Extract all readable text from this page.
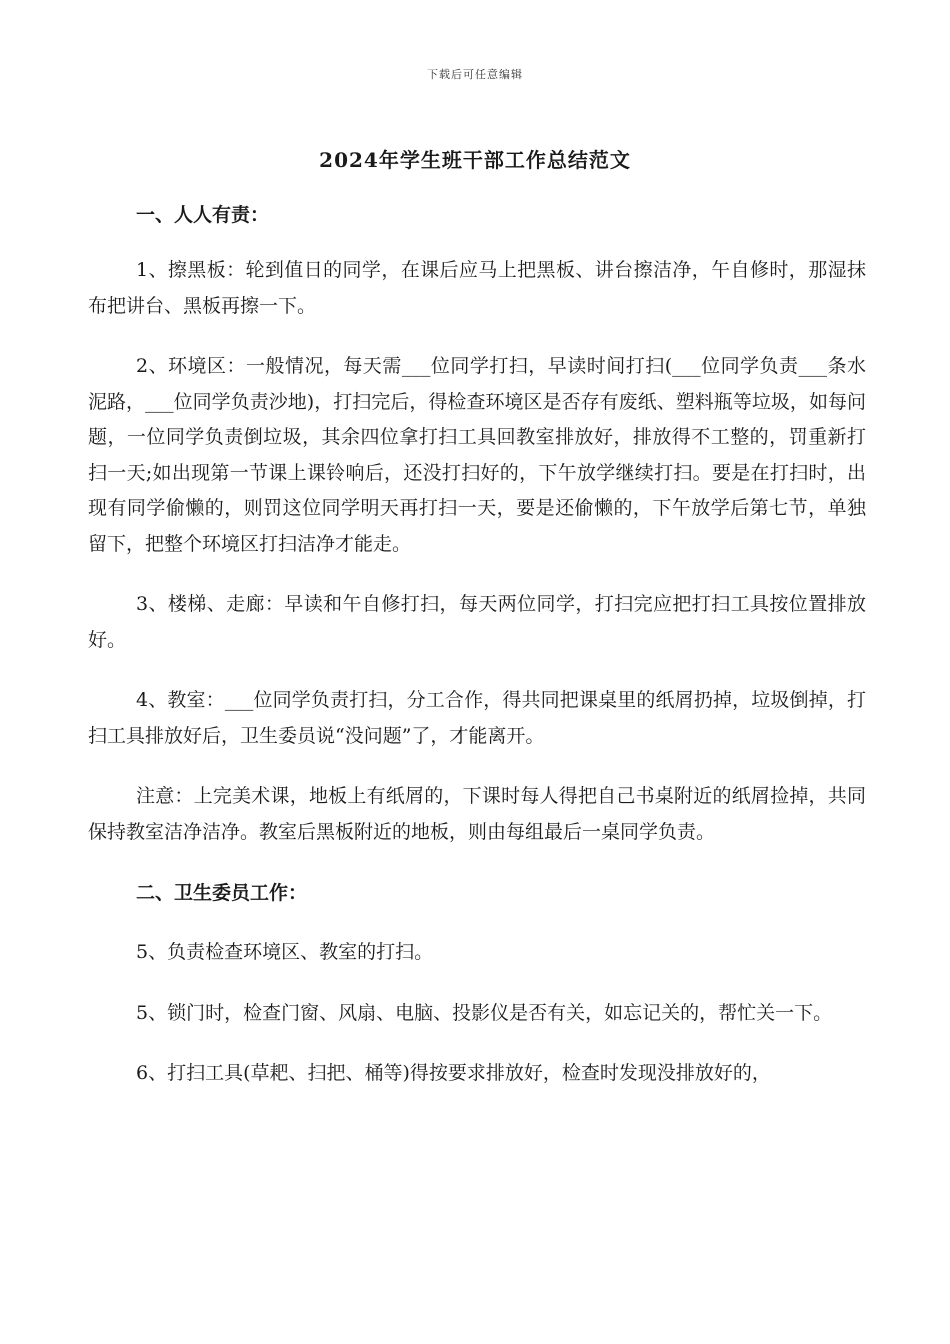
下载后可任意编辑
2024年学生班干部工作总结范文

一、人人有责：

1、擦黑板：轮到值日的同学，在课后应马上把黑板、讲台擦洁净，午自修时，那湿抹布把讲台、黑板再擦一下。

2、环境区：一般情况，每天需___位同学打扫，早读时间打扫(___位同学负责___条水泥路，___位同学负责沙地)，打扫完后，得检查环境区是否存有废纸、塑料瓶等垃圾，如每问题，一位同学负责倒垃圾，其余四位拿打扫工具回教室排放好，排放得不工整的，罚重新打扫一天;如出现第一节课上课铃响后，还没打扫好的，下午放学继续打扫。要是在打扫时，出现有同学偷懒的，则罚这位同学明天再打扫一天，要是还偷懒的，下午放学后第七节，单独留下，把整个环境区打扫洁净才能走。

3、楼梯、走廊：早读和午自修打扫，每天两位同学，打扫完应把打扫工具按位置排放好。

4、教室：___位同学负责打扫，分工合作，得共同把课桌里的纸屑扔掉，垃圾倒掉，打扫工具排放好后，卫生委员说“没问题”了，才能离开。

注意：上完美术课，地板上有纸屑的，下课时每人得把自己书桌附近的纸屑捡掉，共同保持教室洁净洁净。教室后黑板附近的地板，则由每组最后一桌同学负责。

二、卫生委员工作：

5、负责检查环境区、教室的打扫。

5、锁门时，检查门窗、风扇、电脑、投影仪是否有关，如忘记关的，帮忙关一下。

6、打扫工具(草耙、扫把、桶等)得按要求排放好，检查时发现没排放好的，
